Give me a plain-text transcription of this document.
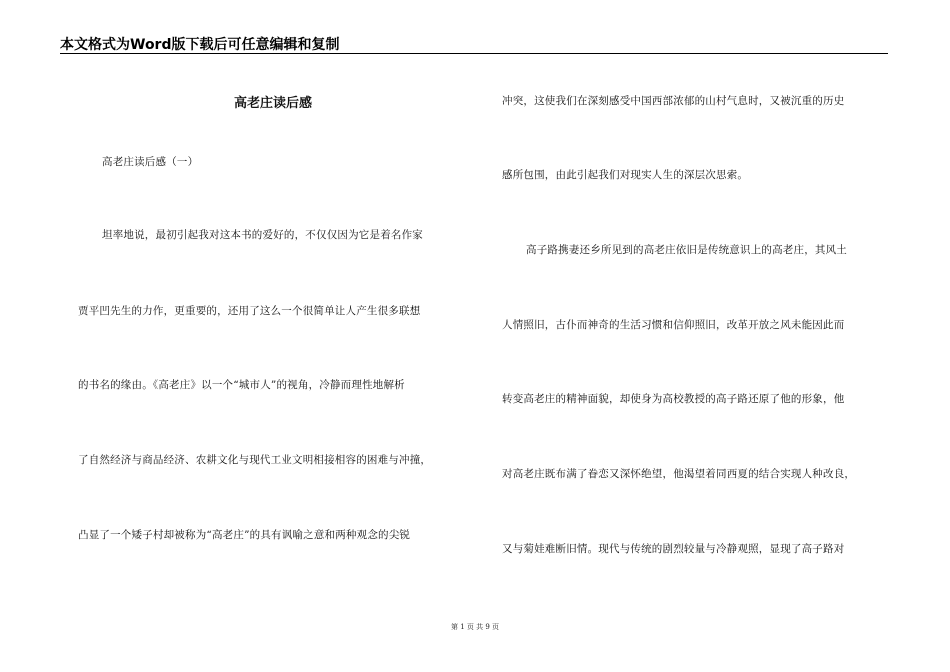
本文格式为Word版下载后可任意编辑和复制
高老庄读后感
高老庄读后感（一）
坦率地说，最初引起我对这本书的爱好的，不仅仅因为它是着名作家
贾平凹先生的力作，更重要的，还用了这么一个很简单让人产生很多联想
的书名的缘由。《高老庄》以一个“城市人”的视角，冷静而理性地解析
了自然经济与商品经济、农耕文化与现代工业文明相接相容的困难与冲撞，
凸显了一个矮子村却被称为“高老庄”的具有讽喻之意和两种观念的尖锐
冲突，这使我们在深刻感受中国西部浓郁的山村气息时，又被沉重的历史
感所包围，由此引起我们对现实人生的深层次思索。
高子路携妻还乡所见到的高老庄依旧是传统意识上的高老庄，其风土
人情照旧，古仆而神奇的生活习惯和信仰照旧，改革开放之风未能因此而
转变高老庄的精神面貌，却使身为高校教授的高子路还原了他的形象，他
对高老庄既布满了眷恋又深怀绝望，他渴望着同西夏的结合实现人种改良，
又与菊娃难断旧情。现代与传统的剧烈较量与冷静观照，显现了高子路对
第 1 页 共 9 页
